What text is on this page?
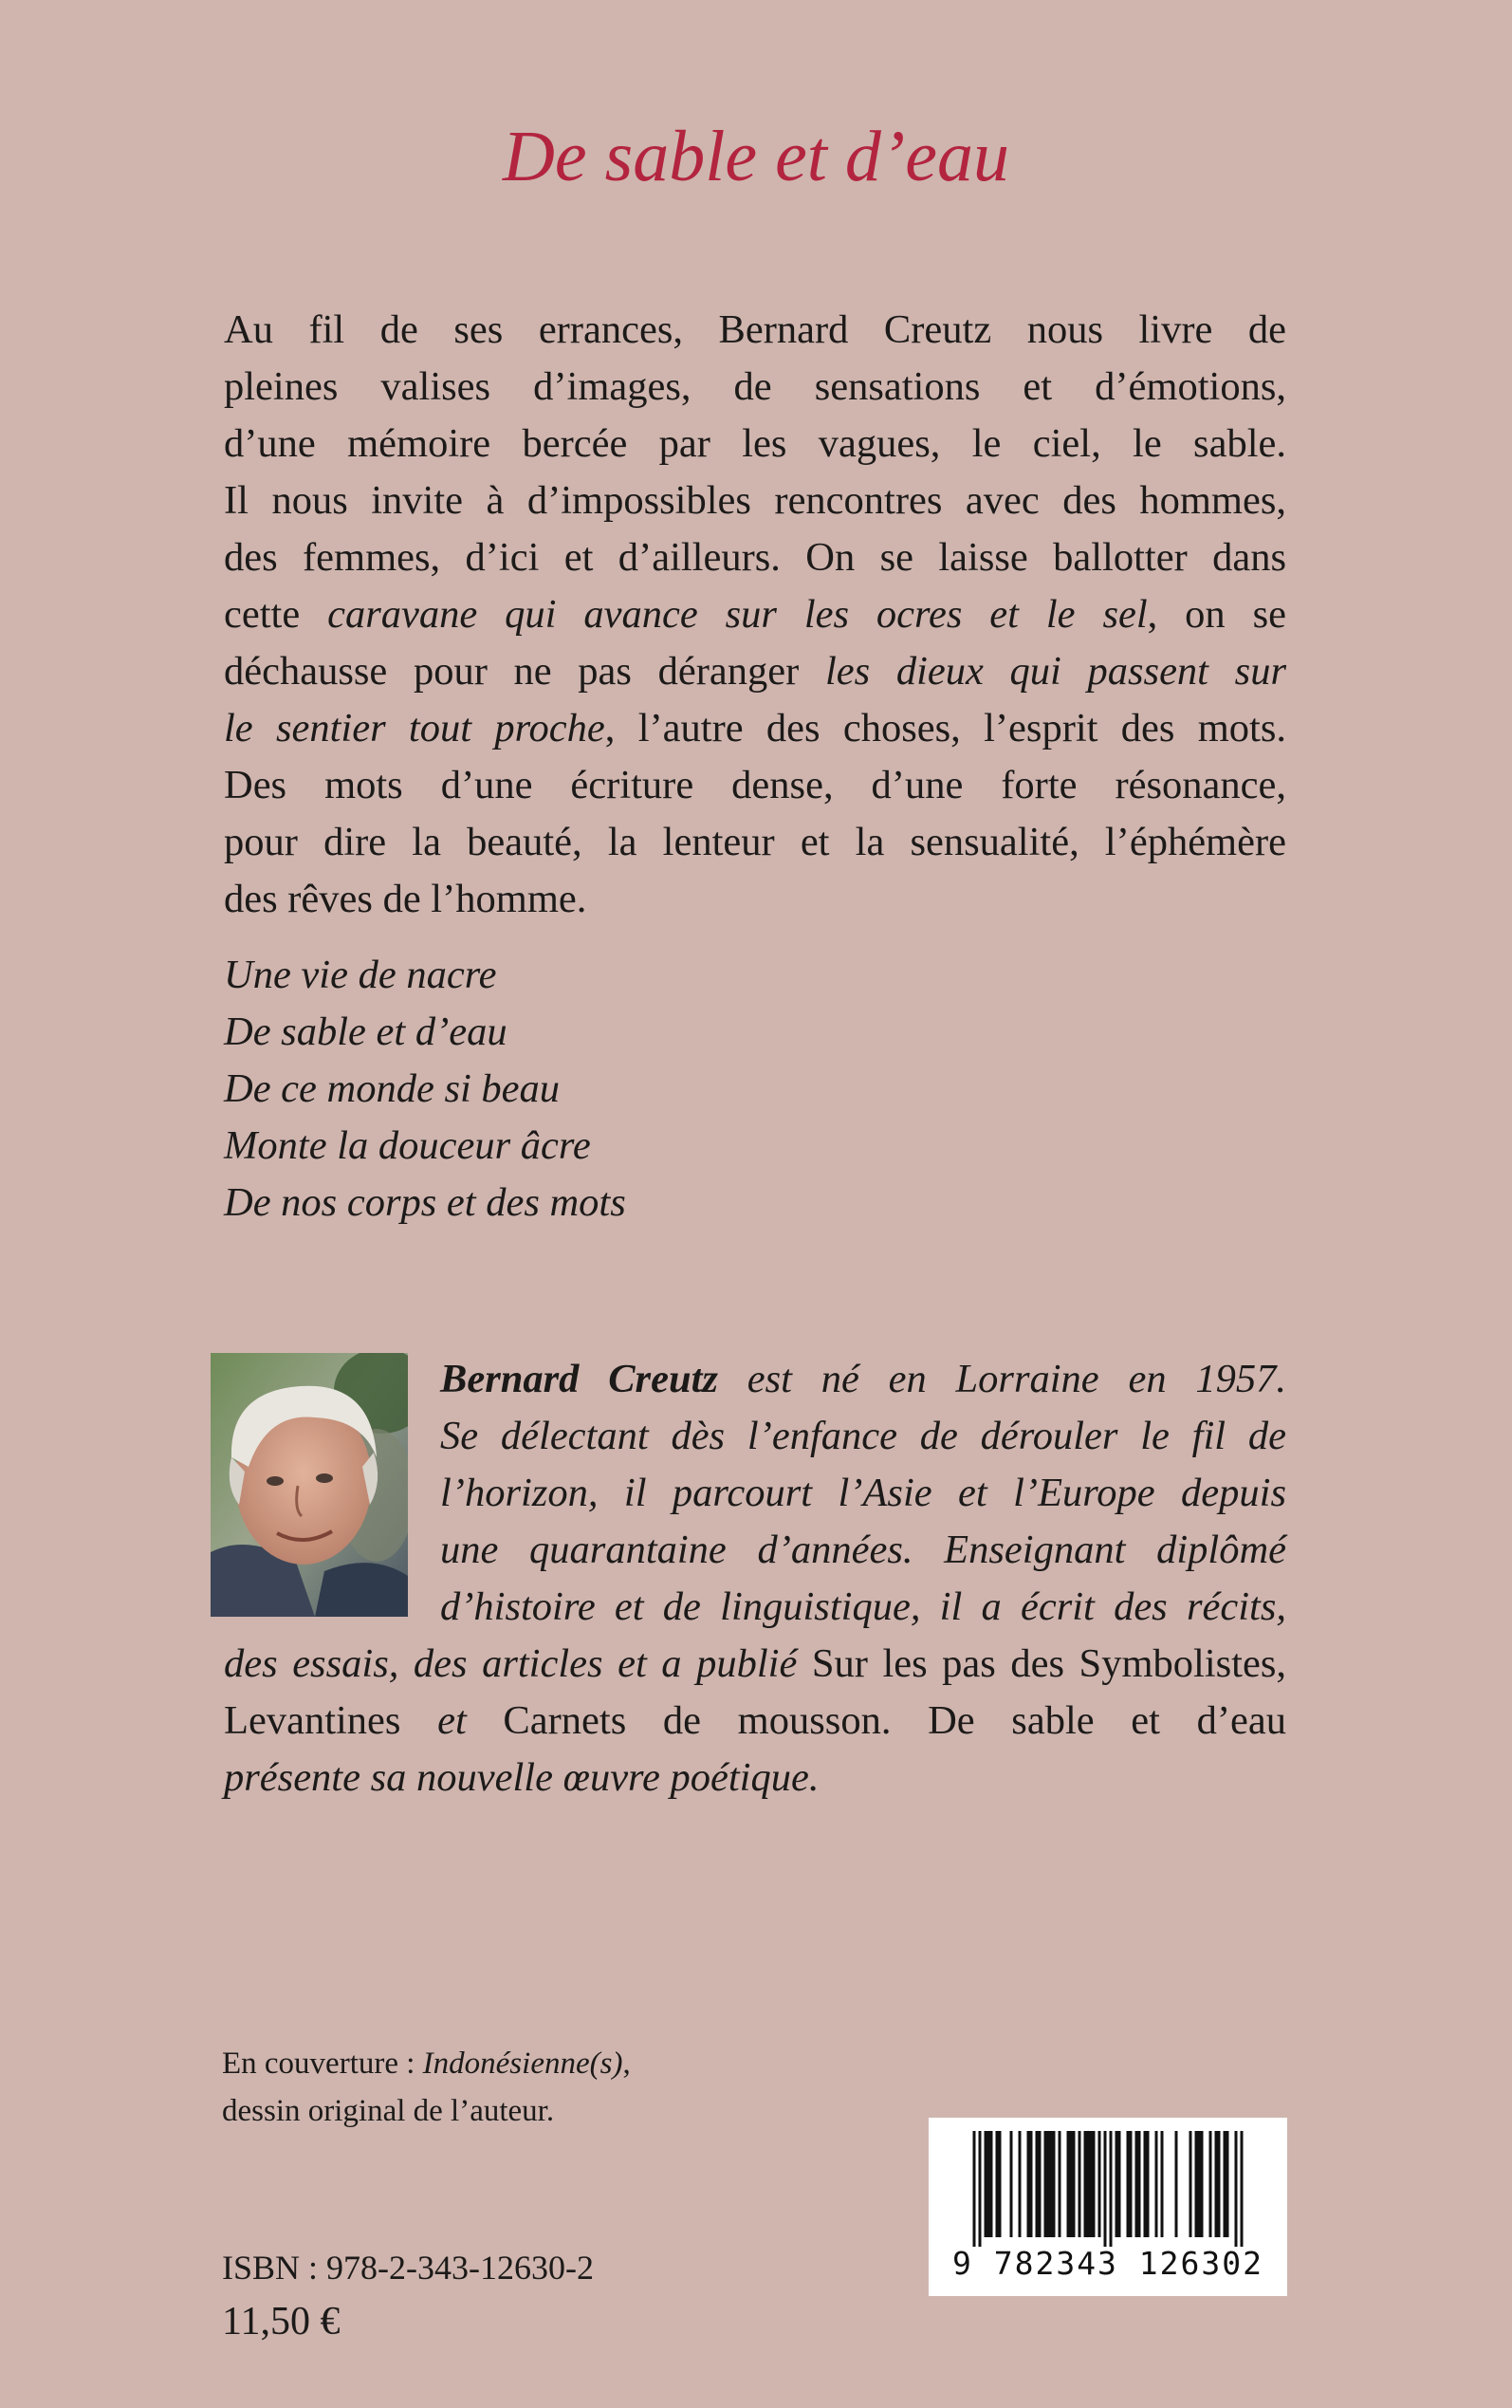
De sable et d’eau
Au fil de ses errances, Bernard Creutz nous livre de
pleines valises d’images, de sensations et d’émotions,
d’une mémoire bercée par les vagues, le ciel, le sable.
Il nous invite à d’impossibles rencontres avec des hommes,
des femmes, d’ici et d’ailleurs. On se laisse ballotter dans
cette caravane qui avance sur les ocres et le sel, on se
déchausse pour ne pas déranger les dieux qui passent sur
le sentier tout proche, l’autre des choses, l’esprit des mots.
Des mots d’une écriture dense, d’une forte résonance,
pour dire la beauté, la lenteur et la sensualité, l’éphémère
des rêves de l’homme.
Une vie de nacre
De sable et d’eau
De ce monde si beau
Monte la douceur âcre
De nos corps et des mots
Bernard Creutz est né en Lorraine en 1957.
Se délectant dès l’enfance de dérouler le fil de
l’horizon, il parcourt l’Asie et l’Europe depuis
une quarantaine d’années. Enseignant diplômé
d’histoire et de linguistique, il a écrit des récits,
des essais, des articles et a publié Sur les pas des Symbolistes,
Levantines et Carnets de mousson. De sable et d’eau
présente sa nouvelle œuvre poétique.
En couverture : Indonésienne(s),
dessin original de l’auteur.
ISBN : 978-2-343-12630-2
11,50 €
9 782343 126302
